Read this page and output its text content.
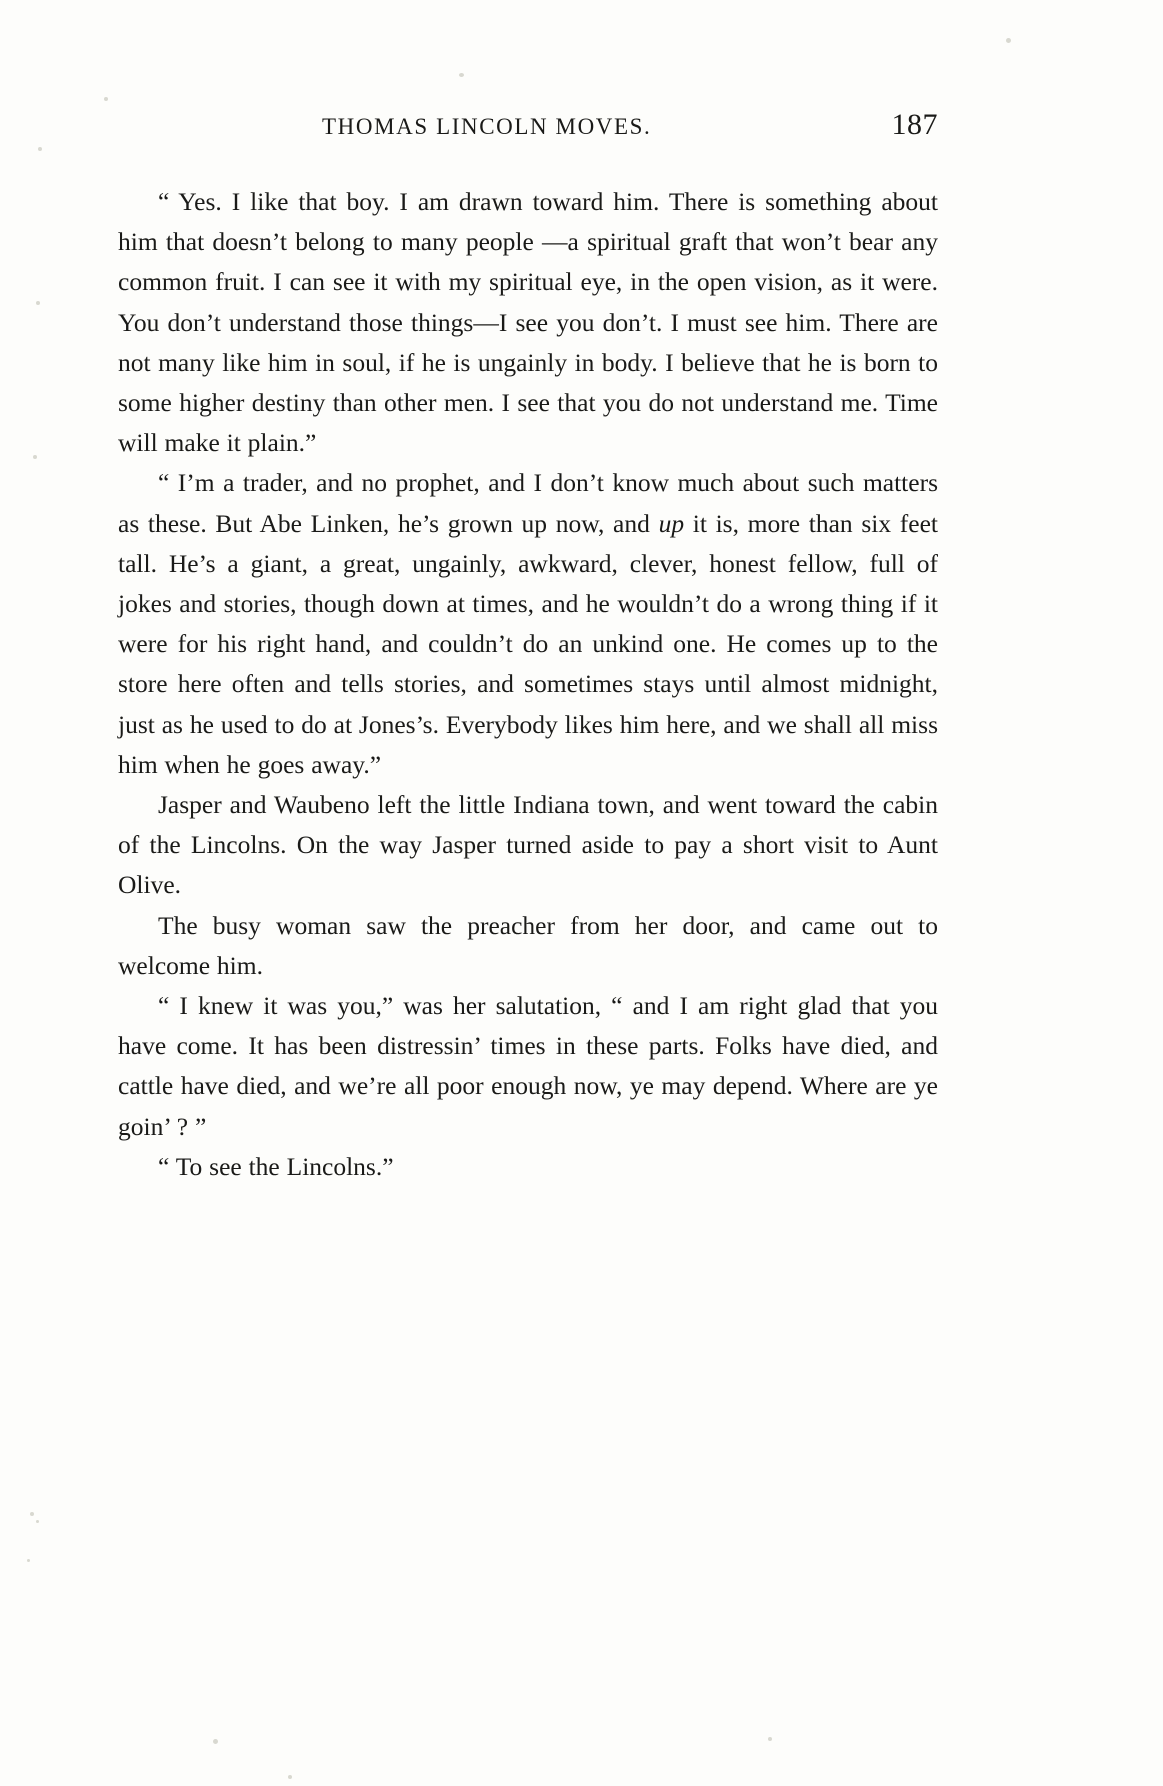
THOMAS LINCOLN MOVES.	187

“ Yes. I like that boy. I am drawn toward him. There is something about him that doesn’t belong to many people —a spiritual graft that won’t bear any common fruit. I can see it with my spiritual eye, in the open vision, as it were. You don’t understand those things—I see you don’t. I must see him. There are not many like him in soul, if he is ungainly in body. I believe that he is born to some higher destiny than other men. I see that you do not understand me. Time will make it plain.”

“ I’m a trader, and no prophet, and I don’t know much about such matters as these. But Abe Linken, he’s grown up now, and up it is, more than six feet tall. He’s a giant, a great, ungainly, awkward, clever, honest fellow, full of jokes and stories, though down at times, and he wouldn’t do a wrong thing if it were for his right hand, and couldn’t do an unkind one. He comes up to the store here often and tells stories, and sometimes stays until almost midnight, just as he used to do at Jones’s. Everybody likes him here, and we shall all miss him when he goes away.”

Jasper and Waubeno left the little Indiana town, and went toward the cabin of the Lincolns. On the way Jasper turned aside to pay a short visit to Aunt Olive.

The busy woman saw the preacher from her door, and came out to welcome him.

“ I knew it was you,” was her salutation, “ and I am right glad that you have come. It has been distressin’ times in these parts. Folks have died, and cattle have died, and we’re all poor enough now, ye may depend. Where are ye goin’ ? ”

“ To see the Lincolns.”
